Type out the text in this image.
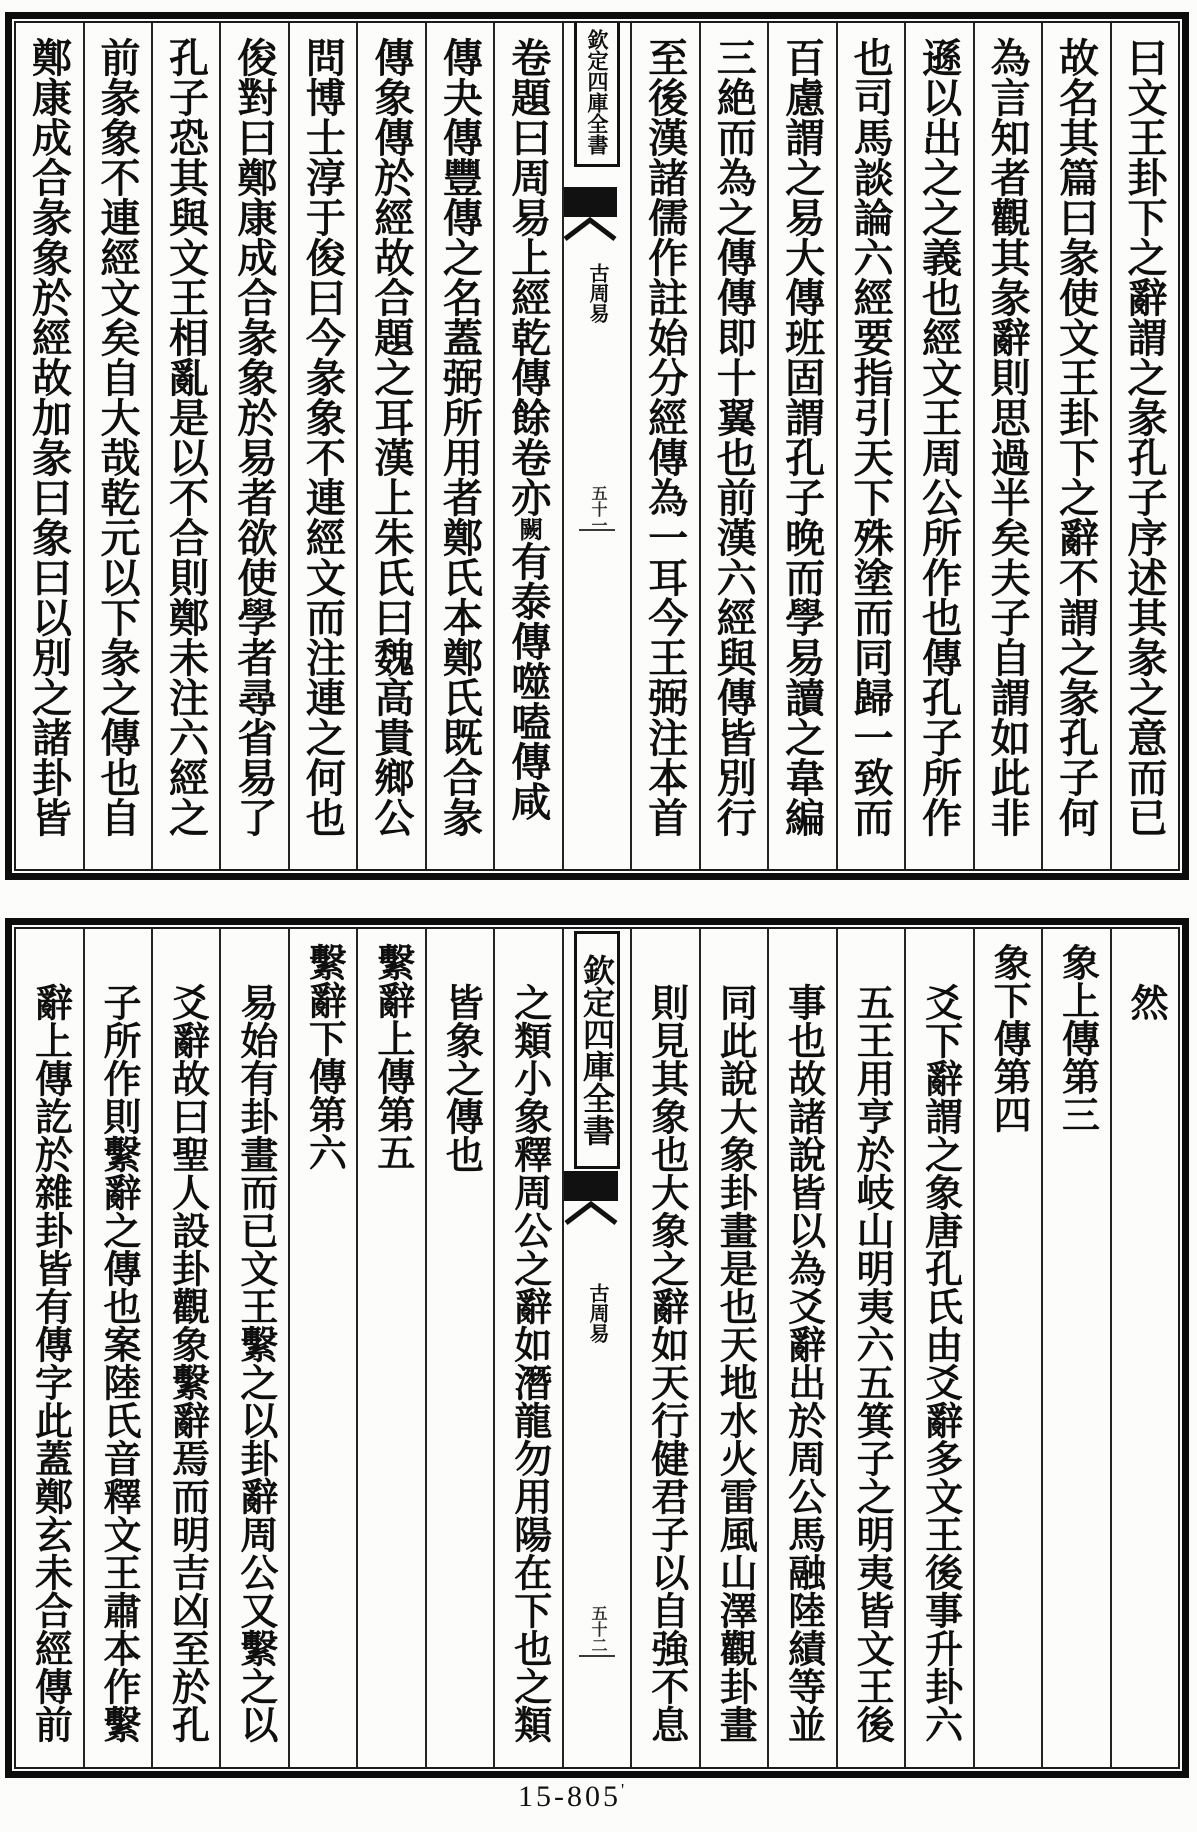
曰文王卦下之辭謂之彖孔子序述其彖之意而已
故名其篇曰彖使文王卦下之辭不謂之彖孔子何
為言知者觀其彖辭則思過半矣夫子自謂如此非
遜以出之之義也經文王周公所作也傳孔子所作
也司馬談論六經要指引天下殊塗而同歸一致而
百慮謂之易大傳班固謂孔子晚而學易讀之韋編
三絶而為之傳傳即十翼也前漢六經與傳皆別行
至後漢諸儒作註始分經傳為一耳今王弼注本首
欽定四庫全書
古周易
五十一
卷題曰周易上經乾傳餘卷亦闕有泰傳噬嗑傳咸
傳夬傳豐傳之名蓋弼所用者鄭氏本鄭氏既合彖
傳象傳於經故合題之耳漢上朱氏曰魏高貴鄉公
問博士淳于俊曰今彖象不連經文而注連之何也
俊對曰鄭康成合彖象於易者欲使學者尋省易了
孔子恐其與文王相亂是以不合則鄭未注六經之
前彖象不連經文矣自大哉乾元以下彖之傳也自
鄭康成合彖象於經故加彖曰象曰以別之諸卦皆
然
象上傳第三
象下傳第四
爻下辭謂之象唐孔氏由爻辭多文王後事升卦六
五王用亨於岐山明夷六五箕子之明夷皆文王後
事也故諸說皆以為爻辭出於周公馬融陸績等並
同此說大象卦畫是也天地水火雷風山澤觀卦畫
則見其象也大象之辭如天行健君子以自強不息
欽定四庫全書
古周易
五十二
之類小象釋周公之辭如潛龍勿用陽在下也之類
皆象之傳也
繫辭上傳第五
繫辭下傳第六
易始有卦畫而已文王繫之以卦辭周公又繫之以
爻辭故曰聖人設卦觀象繫辭焉而明吉凶至於孔
子所作則繫辭之傳也案陸氏音釋文王肅本作繫
辭上傳訖於雜卦皆有傳字此蓋鄭玄未合經傳前
15-805'
